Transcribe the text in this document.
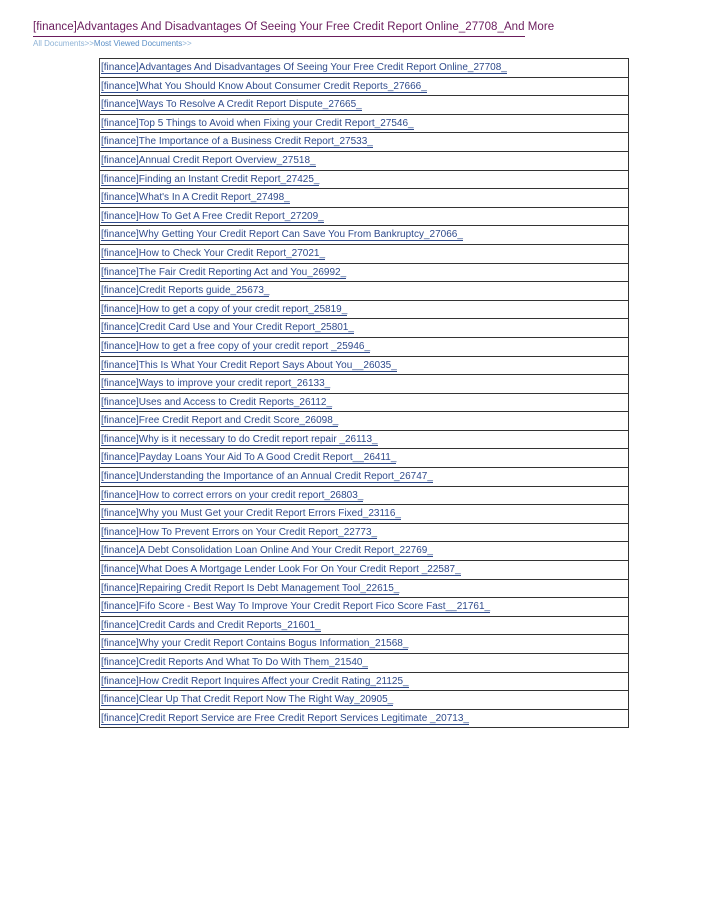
[finance]Advantages And Disadvantages Of Seeing Your Free Credit Report Online_27708_And More
All Documents>>Most Viewed Documents>>
[finance]Advantages And Disadvantages Of Seeing Your Free Credit Report Online_27708_
[finance]What You Should Know About Consumer Credit Reports_27666_
[finance]Ways To Resolve A Credit Report Dispute_27665_
[finance]Top 5 Things to Avoid when Fixing your Credit Report_27546_
[finance]The Importance of a Business Credit Report_27533_
[finance]Annual Credit Report Overview_27518_
[finance]Finding an Instant Credit Report_27425_
[finance]What's In A Credit Report_27498_
[finance]How To Get A Free Credit Report_27209_
[finance]Why Getting Your Credit Report Can Save You From Bankruptcy_27066_
[finance]How to Check Your Credit Report_27021_
[finance]The Fair Credit Reporting Act and You_26992_
[finance]Credit Reports guide_25673_
[finance]How to get a copy of your credit report_25819_
[finance]Credit Card Use and Your Credit Report_25801_
[finance]How to get a free copy of your credit report _25946_
[finance]This Is What Your Credit Report Says About You__26035_
[finance]Ways to improve your credit report_26133_
[finance]Uses and Access to Credit Reports_26112_
[finance]Free Credit Report and Credit Score_26098_
[finance]Why is it necessary to do Credit report repair _26113_
[finance]Payday Loans Your Aid To A Good Credit Report__26411_
[finance]Understanding the Importance of an Annual Credit Report_26747_
[finance]How to correct errors on your credit report_26803_
[finance]Why you Must Get your Credit Report Errors Fixed_23116_
[finance]How To Prevent Errors on Your Credit Report_22773_
[finance]A Debt Consolidation Loan Online And Your Credit Report_22769_
[finance]What Does A Mortgage Lender Look For On Your Credit Report _22587_
[finance]Repairing Credit Report Is Debt Management Tool_22615_
[finance]Fifo Score - Best Way To Improve Your Credit Report Fico Score Fast__21761_
[finance]Credit Cards and Credit Reports_21601_
[finance]Why your Credit Report Contains Bogus Information_21568_
[finance]Credit Reports And What To Do With Them_21540_
[finance]How Credit Report Inquires Affect your Credit Rating_21125_
[finance]Clear Up That Credit Report Now The Right Way_20905_
[finance]Credit Report Service are Free Credit Report Services Legitimate _20713_
